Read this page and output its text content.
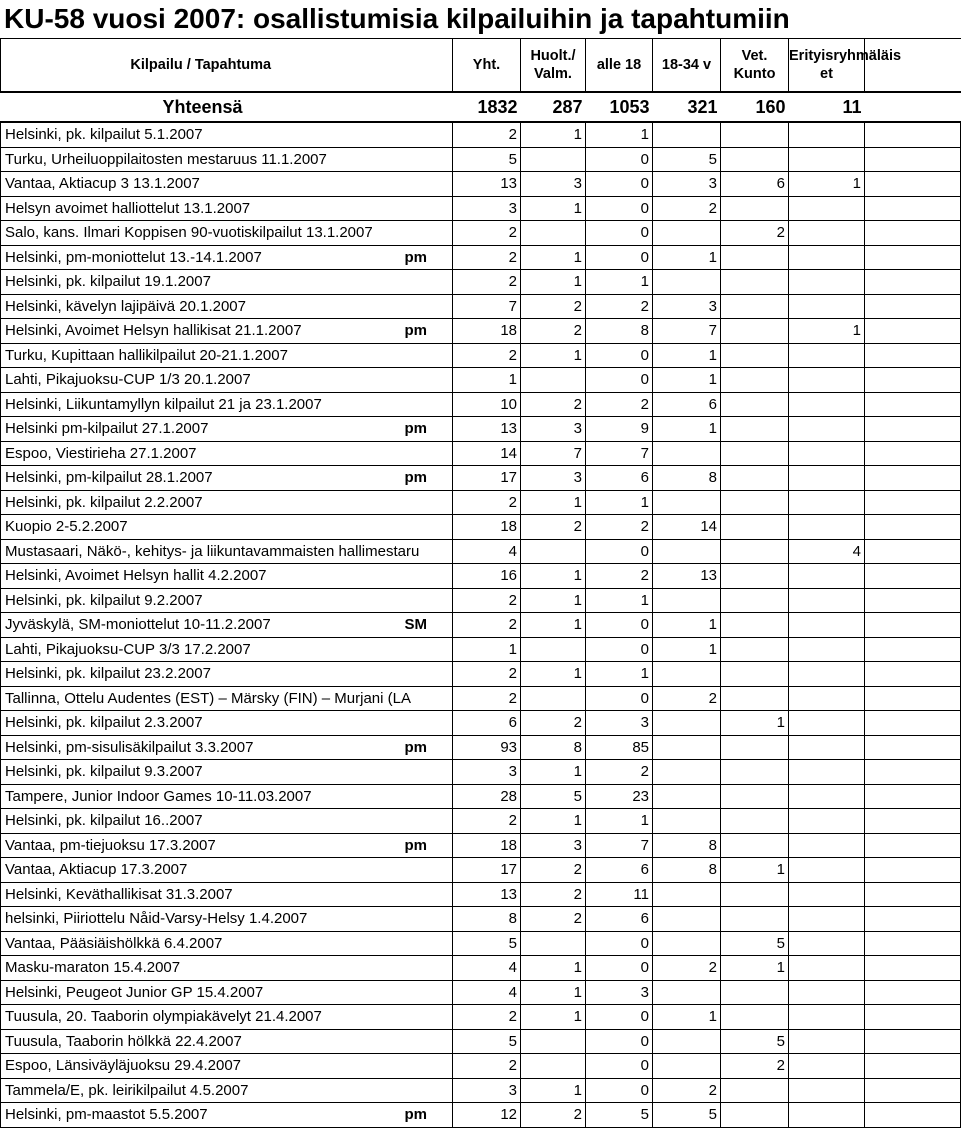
KU-58 vuosi 2007: osallistumisia kilpailuihin ja tapahtumiin
Kilpailu / Tapahtuma		Yht.	Huolt./ Valm.	alle 18	18-34 v	Vet. Kunto	Erityisryhmäläis et	
Yhteensä		1832	287	1053	321	160	11	
Helsinki, pk. kilpailut 5.1.2007		2	1	1				
Turku, Urheiluoppilaitosten mestaruus 11.1.2007		5		0	5			
Vantaa, Aktiacup 3 13.1.2007		13	3	0	3	6	1	
Helsyn avoimet halliottelut 13.1.2007		3	1	0	2			
Salo, kans. Ilmari Koppisen 90-vuotiskilpailut 13.1.2007		2		0		2		
Helsinki, pm-moniottelut 13.-14.1.2007	pm	2	1	0	1			
Helsinki, pk. kilpailut 19.1.2007		2	1	1				
Helsinki, kävelyn lajipäivä 20.1.2007		7	2	2	3			
Helsinki, Avoimet Helsyn hallikisat 21.1.2007	pm	18	2	8	7		1	
Turku, Kupittaan hallikilpailut 20-21.1.2007		2	1	0	1			
Lahti, Pikajuoksu-CUP 1/3 20.1.2007		1		0	1			
Helsinki, Liikuntamyllyn kilpailut 21 ja 23.1.2007		10	2	2	6			
Helsinki pm-kilpailut 27.1.2007	pm	13	3	9	1			
Espoo, Viestirieha 27.1.2007		14	7	7				
Helsinki, pm-kilpailut 28.1.2007	pm	17	3	6	8			
Helsinki, pk. kilpailut 2.2.2007		2	1	1				
Kuopio 2-5.2.2007		18	2	2	14			
Mustasaari, Näkö-, kehitys- ja liikuntavammaisten hallimestaru		4		0			4	
Helsinki, Avoimet Helsyn hallit 4.2.2007		16	1	2	13			
Helsinki, pk. kilpailut 9.2.2007		2	1	1				
Jyväskylä, SM-moniottelut 10-11.2.2007	SM	2	1	0	1			
Lahti, Pikajuoksu-CUP 3/3 17.2.2007		1		0	1			
Helsinki, pk. kilpailut 23.2.2007		2	1	1				
Tallinna, Ottelu Audentes (EST) – Märsky (FIN) – Murjani (LA		2		0	2			
Helsinki, pk. kilpailut 2.3.2007		6	2	3		1		
Helsinki, pm-sisulisäkilpailut 3.3.2007	pm	93	8	85				
Helsinki, pk. kilpailut 9.3.2007		3	1	2				
Tampere, Junior Indoor Games 10-11.03.2007		28	5	23				
Helsinki, pk. kilpailut 16..2007		2	1	1				
Vantaa, pm-tiejuoksu 17.3.2007	pm	18	3	7	8			
Vantaa, Aktiacup 17.3.2007		17	2	6	8	1		
Helsinki, Keväthallikisat 31.3.2007		13	2	11				
helsinki, Piiriottelu Nåid-Varsy-Helsy 1.4.2007		8	2	6				
Vantaa, Pääsiäishölkkä 6.4.2007		5		0		5		
Masku-maraton 15.4.2007		4	1	0	2	1		
Helsinki, Peugeot Junior GP 15.4.2007		4	1	3				
Tuusula, 20. Taaborin olympiakävelyt 21.4.2007		2	1	0	1			
Tuusula, Taaborin hölkkä 22.4.2007		5		0		5		
Espoo, Länsiväyläjuoksu 29.4.2007		2		0		2		
Tammela/E, pk. leirikilpailut 4.5.2007		3	1	0	2			
Helsinki, pm-maastot 5.5.2007	pm	12	2	5	5			
